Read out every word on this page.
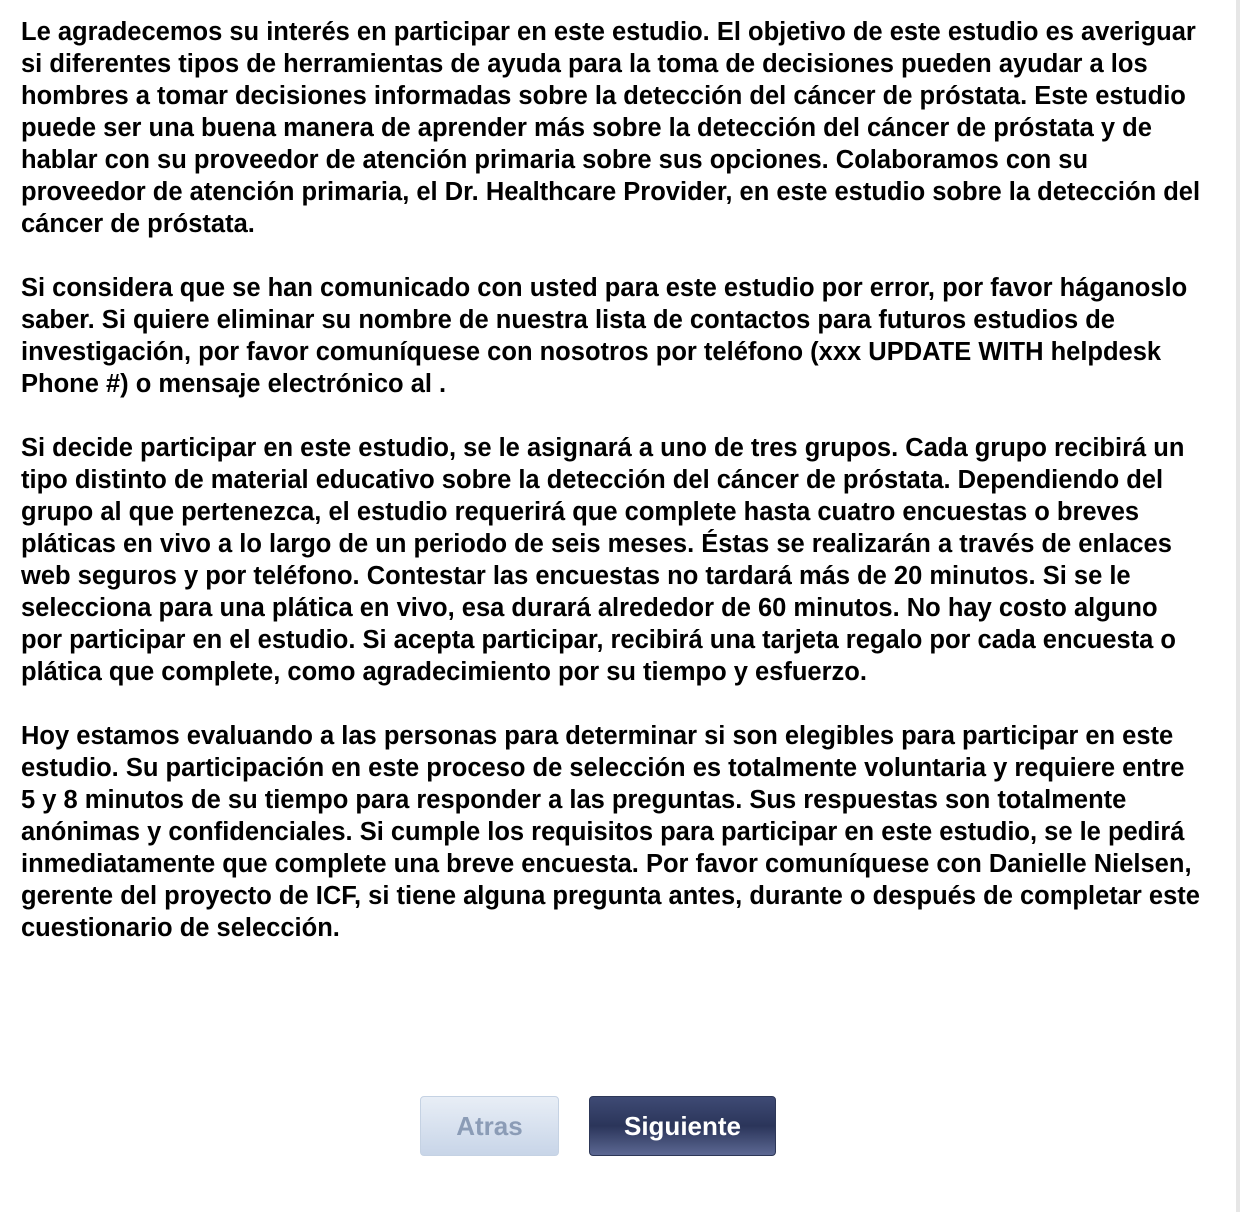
Le agradecemos su interés en participar en este estudio. El objetivo de este estudio es averiguar si diferentes tipos de herramientas de ayuda para la toma de decisiones pueden ayudar a los hombres a tomar decisiones informadas sobre la detección del cáncer de próstata. Este estudio puede ser una buena manera de aprender más sobre la detección del cáncer de próstata y de hablar con su proveedor de atención primaria sobre sus opciones. Colaboramos con su proveedor de atención primaria, el Dr. Healthcare Provider, en este estudio sobre la detección del cáncer de próstata.

Si considera que se han comunicado con usted para este estudio por error, por favor háganoslo saber. Si quiere eliminar su nombre de nuestra lista de contactos para futuros estudios de investigación, por favor comuníquese con nosotros por teléfono (xxx UPDATE WITH helpdesk Phone #) o mensaje electrónico al .

Si decide participar en este estudio, se le asignará a uno de tres grupos. Cada grupo recibirá un tipo distinto de material educativo sobre la detección del cáncer de próstata. Dependiendo del grupo al que pertenezca, el estudio requerirá que complete hasta cuatro encuestas o breves pláticas en vivo a lo largo de un periodo de seis meses. Éstas se realizarán a través de enlaces web seguros y por teléfono. Contestar las encuestas no tardará más de 20 minutos. Si se le selecciona para una plática en vivo, esa durará alrededor de 60 minutos. No hay costo alguno por participar en el estudio. Si acepta participar, recibirá una tarjeta regalo por cada encuesta o plática que complete, como agradecimiento por su tiempo y esfuerzo.

Hoy estamos evaluando a las personas para determinar si son elegibles para participar en este estudio. Su participación en este proceso de selección es totalmente voluntaria y requiere entre 5 y 8 minutos de su tiempo para responder a las preguntas. Sus respuestas son totalmente anónimas y confidenciales. Si cumple los requisitos para participar en este estudio, se le pedirá inmediatamente que complete una breve encuesta. Por favor comuníquese con Danielle Nielsen, gerente del proyecto de ICF, si tiene alguna pregunta antes, durante o después de completar este cuestionario de selección.

Atras	Siguiente
